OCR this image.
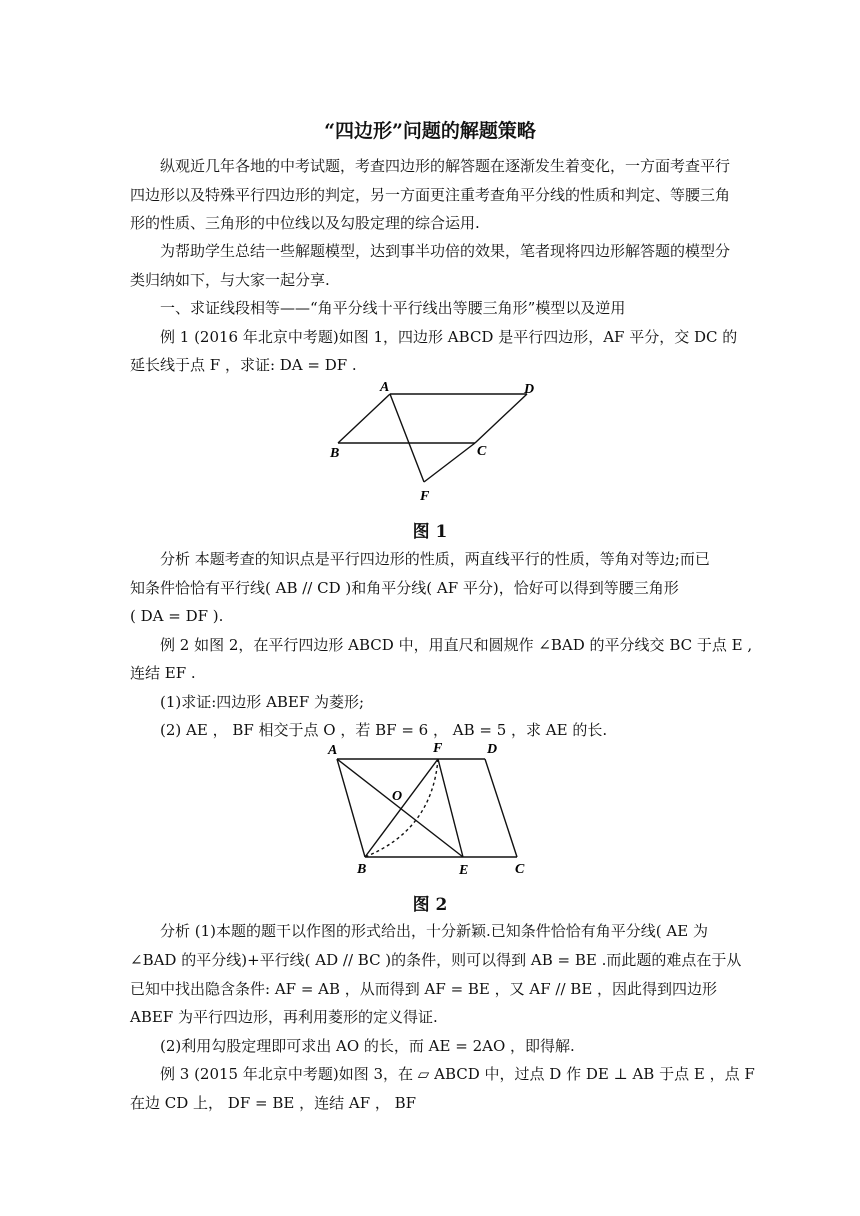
“四边形”问题的解题策略
纵观近几年各地的中考试题，考查四边形的解答题在逐渐发生着变化，一方面考查平行
四边形以及特殊平行四边形的判定，另一方面更注重考查角平分线的性质和判定、等腰三角
形的性质、三角形的中位线以及勾股定理的综合运用.
为帮助学生总结一些解题模型，达到事半功倍的效果，笔者现将四边形解答题的模型分
类归纳如下，与大家一起分享.
一、求证线段相等——“角平分线十平行线出等腰三角形”模型以及逆用
例 1 (2016 年北京中考题)如图 1，四边形 ABCD 是平行四边形，AF 平分，交 DC 的
延长线于点 F ，求证: DA = DF .
A	D
B	C
F
图 1
分析 本题考查的知识点是平行四边形的性质，两直线平行的性质，等角对等边;而已
知条件恰恰有平行线( AB // CD )和角平分线( AF 平分)，恰好可以得到等腰三角形
( DA = DF ).
例 2 如图 2，在平行四边形 ABCD 中，用直尺和圆规作 ∠BAD 的平分线交 BC 于点 E ,
连结 EF .
(1)求证:四边形 ABEF 为菱形;
(2) AE ， BF 相交于点 O ，若 BF = 6 ， AB = 5 ，求 AE 的长.
A	F	D
O
B	E	C
图 2
分析 (1)本题的题干以作图的形式给出，十分新颖.已知条件恰恰有角平分线( AE 为
∠BAD 的平分线)+平行线( AD // BC )的条件，则可以得到 AB = BE .而此题的难点在于从
已知中找出隐含条件: AF = AB ，从而得到 AF = BE ，又 AF // BE ，因此得到四边形
ABEF 为平行四边形，再利用菱形的定义得证.
(2)利用勾股定理即可求出 AO 的长，而 AE = 2AO ，即得解.
例 3 (2015 年北京中考题)如图 3，在 ▱ ABCD 中，过点 D 作 DE ⊥ AB 于点 E ，点 F
在边 CD 上， DF = BE ，连结 AF ， BF
